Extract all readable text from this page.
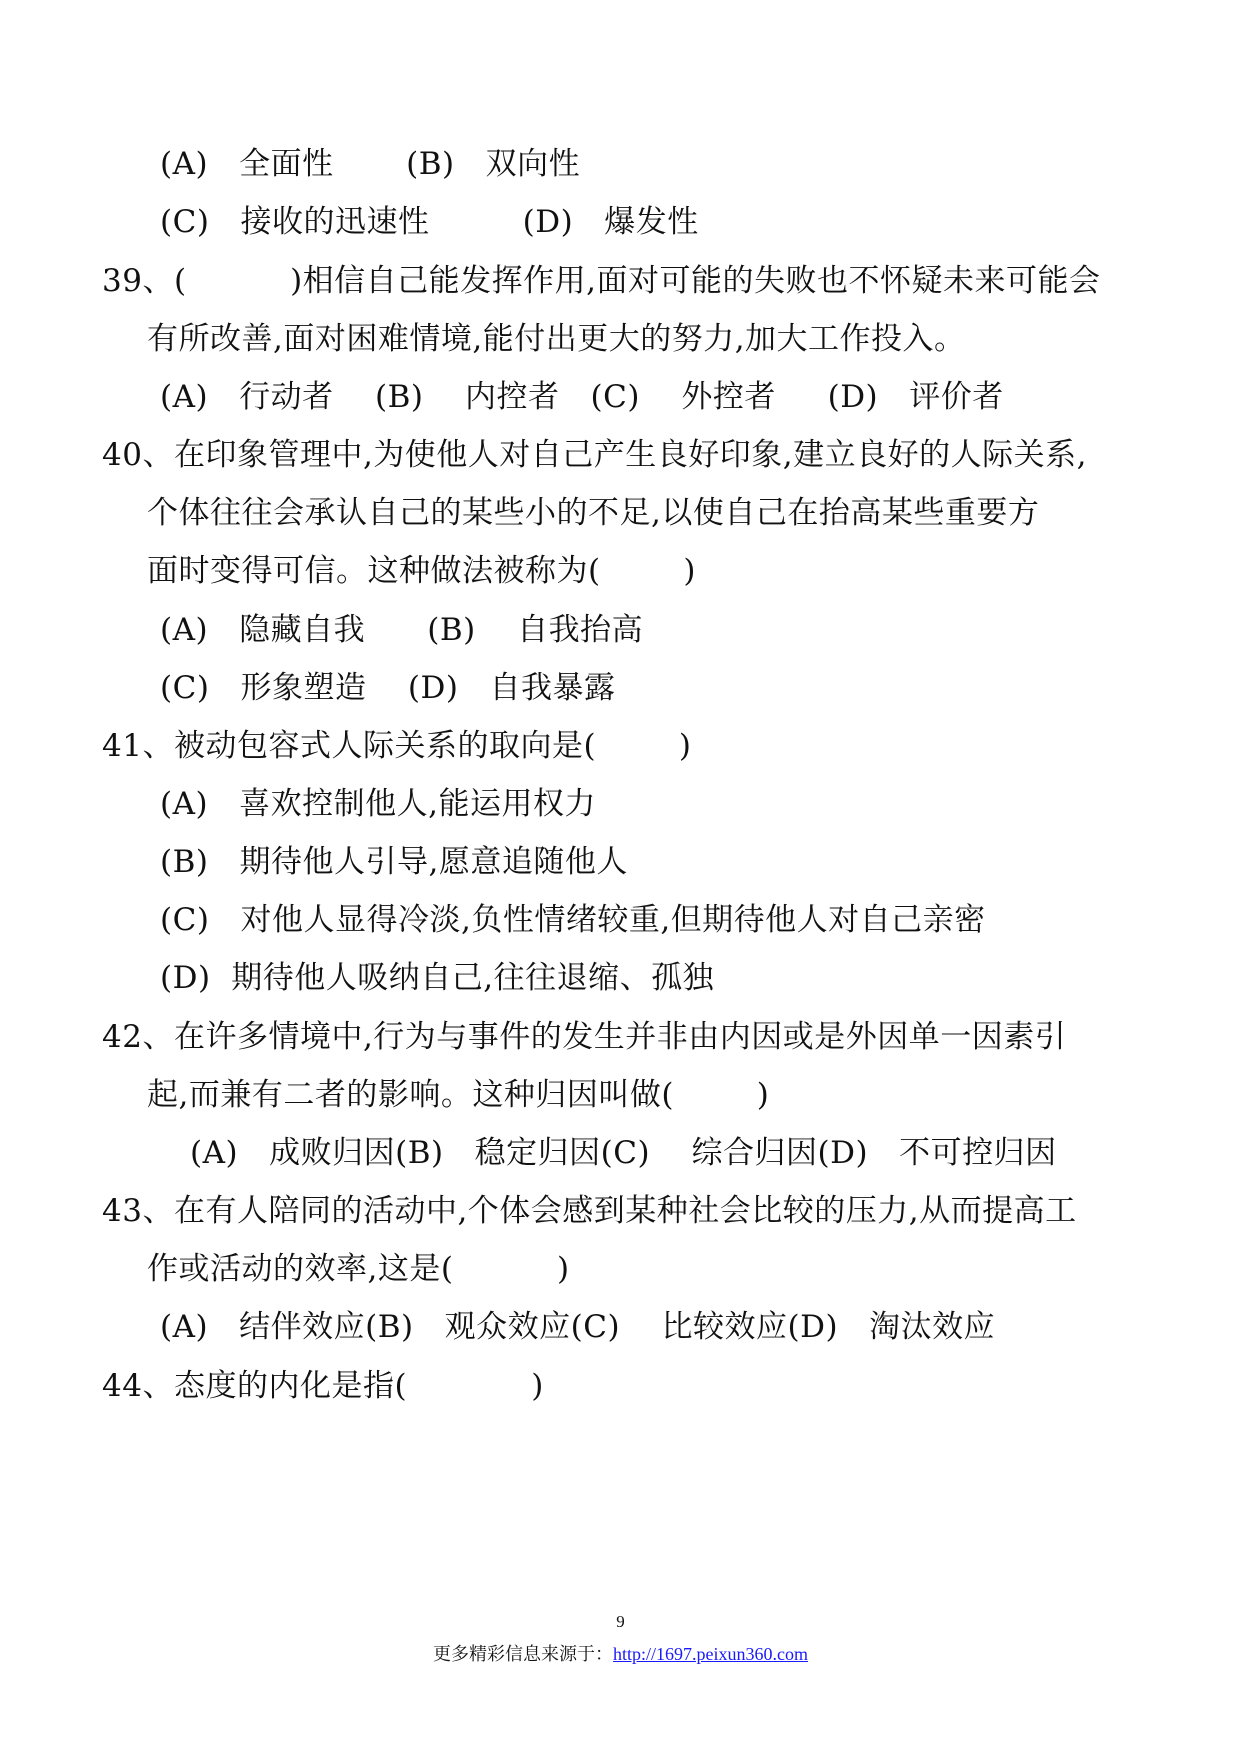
(A)   全面性       (B)   双向性
(C)   接收的迅速性         (D)   爆发性
39、(          )相信自己能发挥作用,面对可能的失败也不怀疑未来可能会
有所改善,面对困难情境,能付出更大的努力,加大工作投入。
(A)   行动者    (B)    内控者   (C)    外控者     (D)   评价者
40、在印象管理中,为使他人对自己产生良好印象,建立良好的人际关系,
个体往往会承认自己的某些小的不足,以使自己在抬高某些重要方
面时变得可信。这种做法被称为(        )
(A)   隐藏自我      (B)    自我抬高
(C)   形象塑造    (D)   自我暴露
41、被动包容式人际关系的取向是(        )
(A)   喜欢控制他人,能运用权力
(B)   期待他人引导,愿意追随他人
(C)   对他人显得冷淡,负性情绪较重,但期待他人对自己亲密
(D)  期待他人吸纳自己,往往退缩、孤独
42、在许多情境中,行为与事件的发生并非由内因或是外因单一因素引
起,而兼有二者的影响。这种归因叫做(        )
(A)   成败归因(B)   稳定归因(C)    综合归因(D)   不可控归因
43、在有人陪同的活动中,个体会感到某种社会比较的压力,从而提高工
作或活动的效率,这是(          )
(A)   结伴效应(B)   观众效应(C)    比较效应(D)   淘汰效应
44、态度的内化是指(            )
9
更多精彩信息来源于：http://1697.peixun360.com
